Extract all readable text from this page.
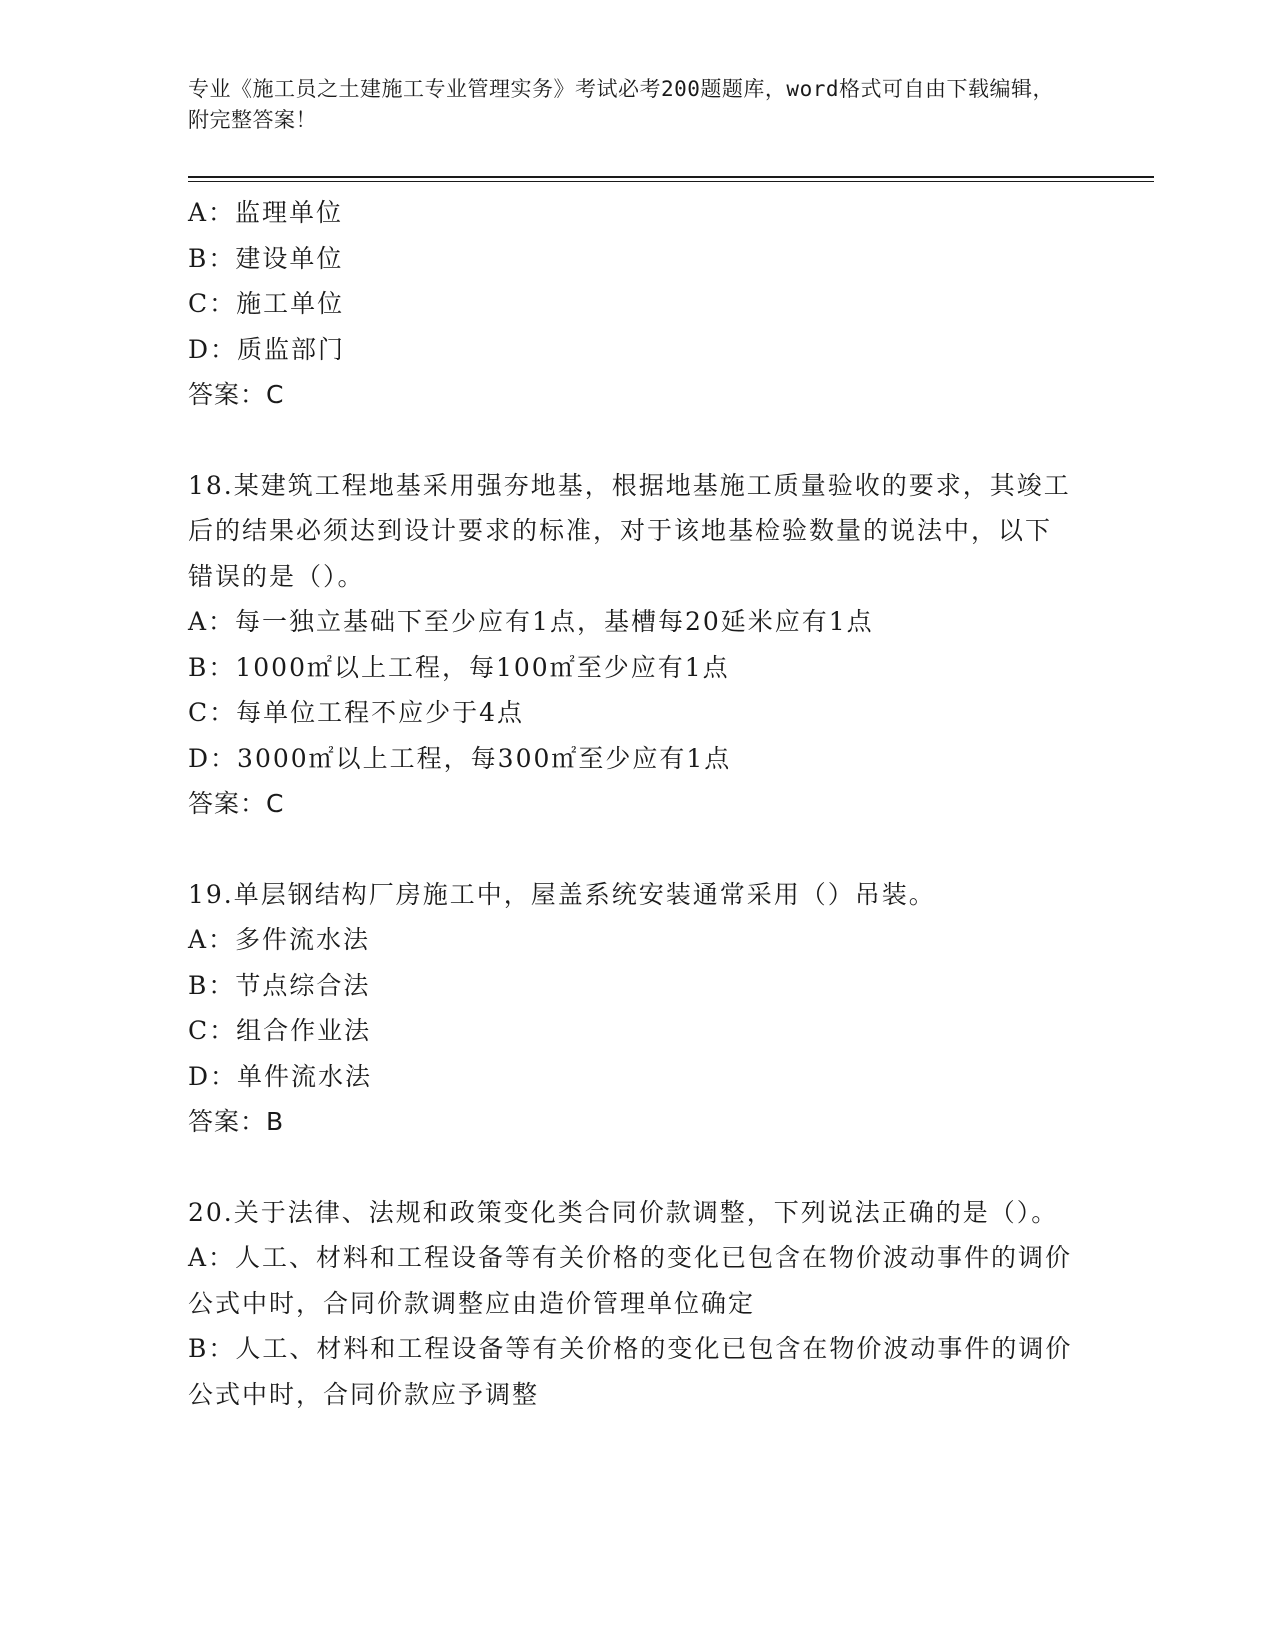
专业《施工员之土建施工专业管理实务》考试必考200题题库，word格式可自由下载编辑，附完整答案！
A：监理单位
B：建设单位
C：施工单位
D：质监部门
答案：C
18.某建筑工程地基采用强夯地基，根据地基施工质量验收的要求，其竣工后的结果必须达到设计要求的标准，对于该地基检验数量的说法中，以下错误的是（）。
A：每一独立基础下至少应有1点，基槽每20延米应有1点
B：1000㎡以上工程，每100㎡至少应有1点
C：每单位工程不应少于4点
D：3000㎡以上工程，每300㎡至少应有1点
答案：C
19.单层钢结构厂房施工中，屋盖系统安装通常采用（）吊装。
A：多件流水法
B：节点综合法
C：组合作业法
D：单件流水法
答案：B
20.关于法律、法规和政策变化类合同价款调整，下列说法正确的是（）。
A：人工、材料和工程设备等有关价格的变化已包含在物价波动事件的调价公式中时，合同价款调整应由造价管理单位确定
B：人工、材料和工程设备等有关价格的变化已包含在物价波动事件的调价公式中时，合同价款应予调整
